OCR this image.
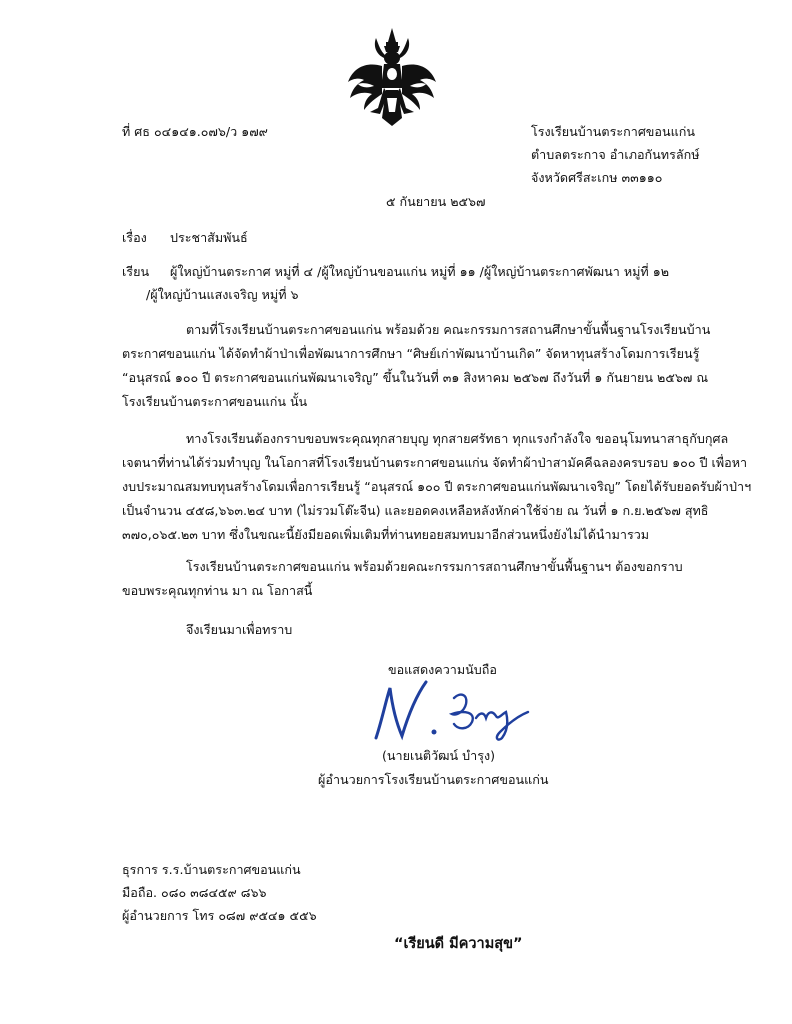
ที่ ศธ ๐๔๑๔๑.๐๗๖/ว ๑๗๙	โรงเรียนบ้านตระกาศขอนแก่น
ตำบลตระกาจ อำเภอกันทรลักษ์
จังหวัดศรีสะเกษ ๓๓๑๑๐
๕ กันยายน ๒๕๖๗
เรื่อง ประชาสัมพันธ์
เรียน ผู้ใหญ่บ้านตระกาศ หมู่ที่ ๔ /ผู้ใหญ่บ้านขอนแก่น หมู่ที่ ๑๑ /ผู้ใหญ่บ้านตระกาศพัฒนา หมู่ที่ ๑๒
/ผู้ใหญ่บ้านแสงเจริญ หมู่ที่ ๖
ตามที่โรงเรียนบ้านตระกาศขอนแก่น พร้อมด้วย คณะกรรมการสถานศึกษาขั้นพื้นฐานโรงเรียนบ้าน
ตระกาศขอนแก่น ได้จัดทำผ้าป่าเพื่อพัฒนาการศึกษา “ศิษย์เก่าพัฒนาบ้านเกิด” จัดหาทุนสร้างโดมการเรียนรู้
“อนุสรณ์ ๑๐๐ ปี ตระกาศขอนแก่นพัฒนาเจริญ” ขึ้นในวันที่ ๓๑ สิงหาคม ๒๕๖๗ ถึงวันที่ ๑ กันยายน ๒๕๖๗ ณ
โรงเรียนบ้านตระกาศขอนแก่น นั้น
ทางโรงเรียนต้องกราบขอบพระคุณทุกสายบุญ ทุกสายศรัทธา ทุกแรงกำลังใจ ขออนุโมทนาสาธุกับกุศล
เจตนาที่ท่านได้ร่วมทำบุญ ในโอกาสที่โรงเรียนบ้านตระกาศขอนแก่น จัดทำผ้าป่าสามัคคีฉลองครบรอบ ๑๐๐ ปี เพื่อหา
งบประมาณสมทบทุนสร้างโดมเพื่อการเรียนรู้ “อนุสรณ์ ๑๐๐ ปี ตระกาศขอนแก่นพัฒนาเจริญ” โดยได้รับยอดรับผ้าป่าฯ
เป็นจำนวน ๔๕๘,๖๖๓.๒๔ บาท (ไม่รวมโต๊ะจีน) และยอดคงเหลือหลังหักค่าใช้จ่าย ณ วันที่ ๑ ก.ย.๒๕๖๗ สุทธิ
๓๗๐,๐๖๕.๒๓ บาท ซึ่งในขณะนี้ยังมียอดเพิ่มเติมที่ท่านทยอยสมทบมาอีกส่วนหนึ่งยังไม่ได้นำมารวม
โรงเรียนบ้านตระกาศขอนแก่น พร้อมด้วยคณะกรรมการสถานศึกษาขั้นพื้นฐานฯ ต้องขอกราบ
ขอบพระคุณทุกท่าน มา ณ โอกาสนี้
จึงเรียนมาเพื่อทราบ
ขอแสดงความนับถือ
(นายเนติวัฒน์ บำรุง)
ผู้อำนวยการโรงเรียนบ้านตระกาศขอนแก่น
ธุรการ ร.ร.บ้านตระกาศขอนแก่น
มือถือ. ๐๘๐ ๓๘๔๕๙ ๘๖๖
ผู้อำนวยการ โทร ๐๘๗ ๙๕๔๑ ๕๕๖
“เรียนดี มีความสุข”
